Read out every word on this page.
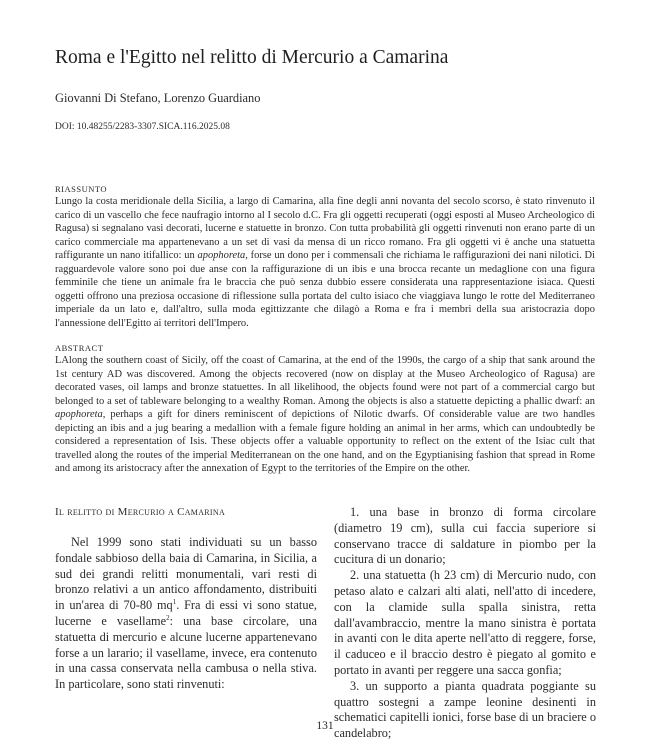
Roma e l'Egitto nel relitto di Mercurio a Camarina
Giovanni Di Stefano, Lorenzo Guardiano
DOI: 10.48255/2283-3307.SICA.116.2025.08
RIASSUNTO

Lungo la costa meridionale della Sicilia, a largo di Camarina, alla fine degli anni novanta del secolo scorso, è stato rinvenuto il carico di un vascello che fece naufragio intorno al I secolo d.C. Fra gli oggetti recuperati (oggi esposti al Museo Archeologico di Ragusa) si segnalano vasi decorati, lucerne e statuette in bronzo. Con tutta probabilità gli oggetti rinvenuti non erano parte di un carico commerciale ma appartenevano a un set di vasi da mensa di un ricco romano. Fra gli oggetti vi è anche una statuetta raffigurante un nano itifallico: un apophoreta, forse un dono per i commensali che richiama le raffigurazioni dei nani nilotici. Di ragguardevole valore sono poi due anse con la raffigurazione di un ibis e una brocca recante un medaglione con una figura femminile che tiene un animale fra le braccia che può senza dubbio essere considerata una rappresentazione isiaca. Questi oggetti offrono una preziosa occasione di riflessione sulla portata del culto isiaco che viaggiava lungo le rotte del Mediterraneo imperiale da un lato e, dall'altro, sulla moda egittizzante che dilagò a Roma e fra i membri della sua aristocrazia dopo l'annessione dell'Egitto ai territori dell'Impero.

ABSTRACT

LAlong the southern coast of Sicily, off the coast of Camarina, at the end of the 1990s, the cargo of a ship that sank around the 1st century AD was discovered. Among the objects recovered (now on display at the Museo Archeologico of Ragusa) are decorated vases, oil lamps and bronze statuettes. In all likelihood, the objects found were not part of a commercial cargo but belonged to a set of tableware belonging to a wealthy Roman. Among the objects is also a statuette depicting a phallic dwarf: an apophoreta, perhaps a gift for diners reminiscent of depictions of Nilotic dwarfs. Of considerable value are two handles depicting an ibis and a jug bearing a medallion with a female figure holding an animal in her arms, which can undoubtedly be considered a representation of Isis. These objects offer a valuable opportunity to reflect on the extent of the Isiac cult that travelled along the routes of the imperial Mediterranean on the one hand, and on the Egyptianising fashion that spread in Rome and among its aristocracy after the annexation of Egypt to the territories of the Empire on the other.

Il relitto di Mercurio a Camarina

Nel 1999 sono stati individuati su un basso fondale sabbioso della baia di Camarina, in Sicilia, a sud dei grandi relitti monumentali, vari resti di bronzo relativi a un antico affondamento, distribuiti in un'area di 70-80 $mq^1$. Fra di essi vi sono statue, lucerne e vasellame$^2$: una base circolare, una statuetta di mercurio e alcune lucerne appartenevano forse a un larario; il vasellame, invece, era contenuto in una cassa conservata nella cambusa o nella stiva. In particolare, sono stati rinvenuti:

1. una base in bronzo di forma circolare (diametro 19 cm), sulla cui faccia superiore si conservano tracce di saldature in piombo per la cucitura di un donario;

2. una statuetta (h 23 cm) di Mercurio nudo, con petaso alato e calzari alti alati, nell'atto di incedere, con la clamide sulla spalla sinistra, retta dall'avambraccio, mentre la mano sinistra è portata in avanti con le dita aperte nell'atto di reggere, forse, il caduceo e il braccio destro è piegato al gomito e portato in avanti per reggere una sacca gonfia;

3. un supporto a pianta quadrata poggiante su quattro sostegni a zampe leonine desinenti in schematici capitelli ionici, forse base di un braciere o candelabro;

131
